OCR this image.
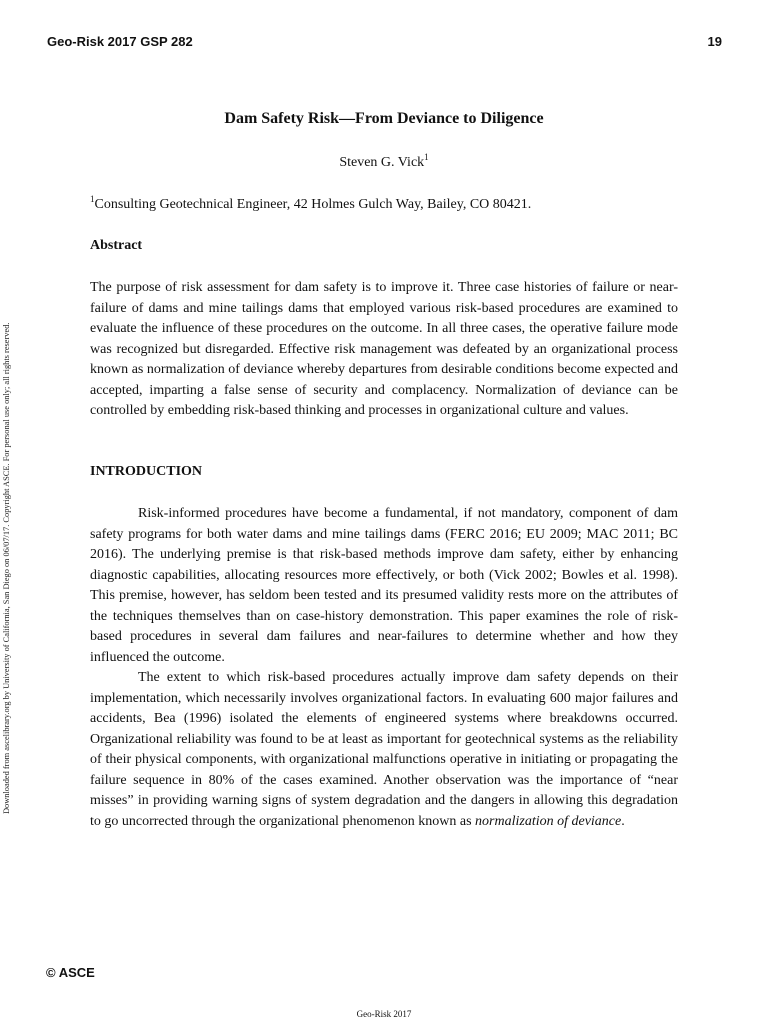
Geo-Risk 2017 GSP 282	19
Downloaded from ascelibrary.org by University of California, San Diego on 06/07/17. Copyright ASCE. For personal use only; all rights reserved.
Dam Safety Risk—From Deviance to Diligence
Steven G. Vick$^1$
$^1$Consulting Geotechnical Engineer, 42 Holmes Gulch Way, Bailey, CO 80421.
Abstract

The purpose of risk assessment for dam safety is to improve it. Three case histories of failure or near-failure of dams and mine tailings dams that employed various risk-based procedures are examined to evaluate the influence of these procedures on the outcome. In all three cases, the operative failure mode was recognized but disregarded. Effective risk management was defeated by an organizational process known as normalization of deviance whereby departures from desirable conditions become expected and accepted, imparting a false sense of security and complacency. Normalization of deviance can be controlled by embedding risk-based thinking and processes in organizational culture and values.

INTRODUCTION

Risk-informed procedures have become a fundamental, if not mandatory, component of dam safety programs for both water dams and mine tailings dams (FERC 2016; EU 2009; MAC 2011; BC 2016). The underlying premise is that risk-based methods improve dam safety, either by enhancing diagnostic capabilities, allocating resources more effectively, or both (Vick 2002; Bowles et al. 1998). This premise, however, has seldom been tested and its presumed validity rests more on the attributes of the techniques themselves than on case-history demonstration. This paper examines the role of risk-based procedures in several dam failures and near-failures to determine whether and how they influenced the outcome.

The extent to which risk-based procedures actually improve dam safety depends on their implementation, which necessarily involves organizational factors. In evaluating 600 major failures and accidents, Bea (1996) isolated the elements of engineered systems where breakdowns occurred. Organizational reliability was found to be at least as important for geotechnical systems as the reliability of their physical components, with organizational malfunctions operative in initiating or propagating the failure sequence in 80% of the cases examined. Another observation was the importance of “near misses” in providing warning signs of system degradation and the dangers in allowing this degradation to go uncorrected through the organizational phenomenon known as normalization of deviance.

© ASCE
Geo-Risk 2017
